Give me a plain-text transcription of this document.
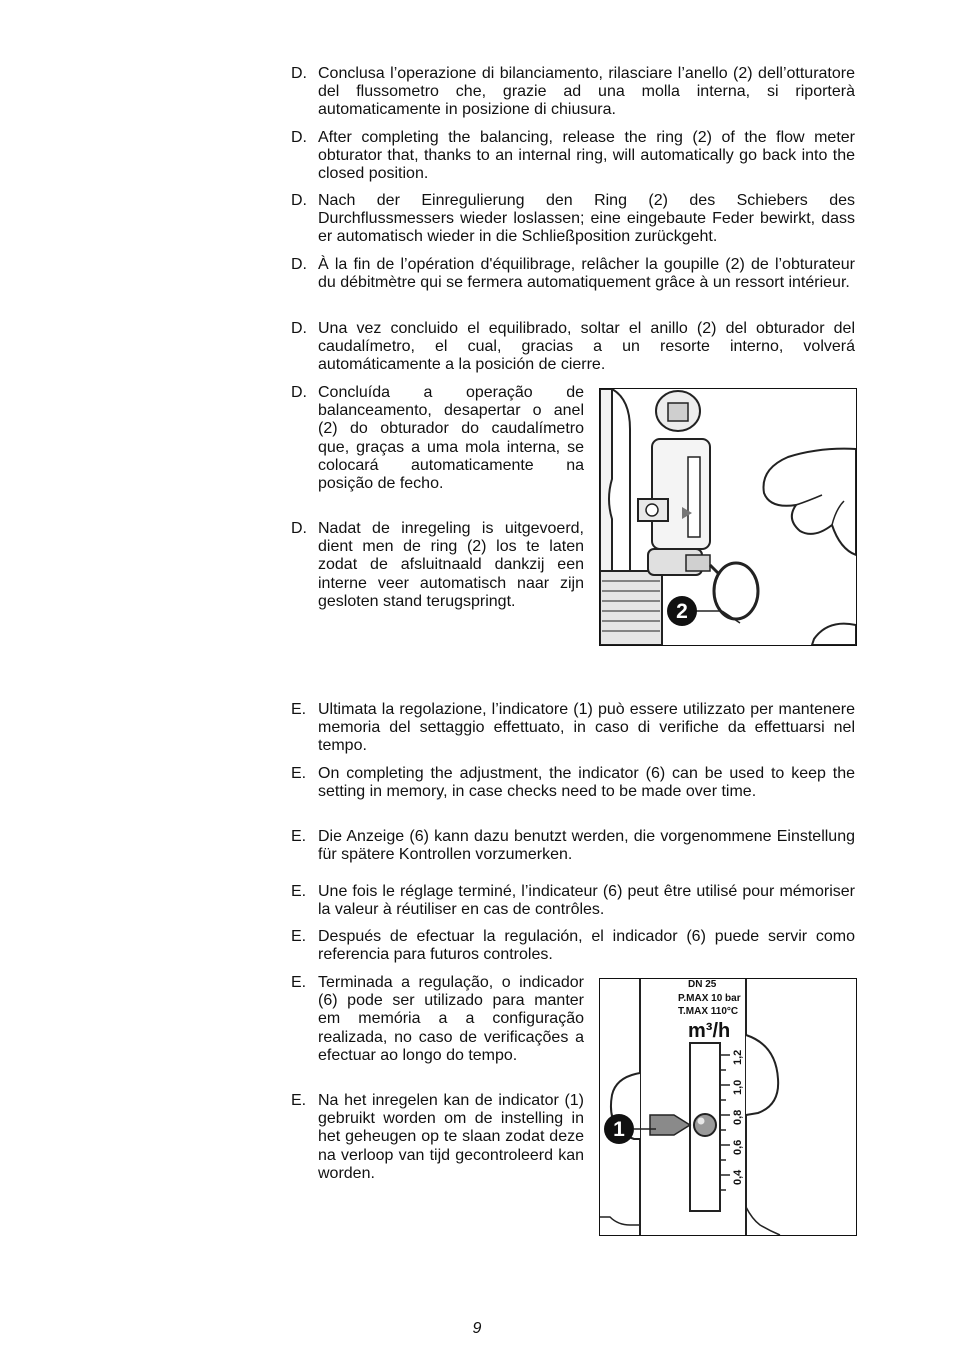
D. Conclusa l’operazione di bilanciamento, rilasciare l’anello (2) dell’otturatore del flussometro che, grazie ad una molla interna, si riporterà automaticamente in posizione di chiusura.
D. After completing the balancing, release the ring (2) of the flow meter obturator that, thanks to an internal ring, will automatically go back into the closed position.
D. Nach der Einregulierung den Ring (2) des Schiebers des Durchflussmessers wieder loslassen; eine eingebaute Feder bewirkt, dass er automatisch wieder in die Schließposition zurückgeht.
D. À la fin de l’opération d'équilibrage, relâcher la goupille (2) de l’obturateur du débitmètre qui se fermera automatiquement grâce à un ressort intérieur.
D. Una vez concluido el equilibrado, soltar el anillo (2) del obturador del caudalímetro, el cual, gracias a un resorte interno, volverá automáticamente a la posición de cierre.
D. Concluída a operação de balanceamento, desapertar o anel (2) do obturador do caudalímetro que, graças a uma mola interna, se colocará automaticamente na posição de fecho.
D. Nadat de inregeling is uitgevoerd, dient men de ring (2) los te laten zodat de afsluitnaald dankzij een interne veer automatisch naar zijn gesloten stand terugspringt.	2
E. Ultimata la regolazione, l’indicatore (1) può essere utilizzato per mantenere memoria del settaggio effettuato, in caso di verifiche da effettuarsi nel tempo.
E. On completing the adjustment, the indicator (6) can be used to keep the setting in memory, in case checks need to be made over time.
E. Die Anzeige (6) kann dazu benutzt werden, die vorgenommene Einstellung für spätere Kontrollen vorzumerken.
E. Une fois le réglage terminé, l’indicateur (6) peut être utilisé pour mémoriser la valeur à réutiliser en cas de contrôles.
E. Después de efectuar la regulación, el indicador (6) puede servir como referencia para futuros controles.
E. Terminada a regulação, o indicador (6) pode ser utilizado para manter em memória a a configuração realizada, no caso de verificações a efectuar ao longo do tempo.
E. Na het inregelen kan de indicator (1) gebruikt worden om de instelling in het geheugen op te slaan zodat deze na verloop van tijd gecontroleerd kan worden.
DN 25
P.MAX 10 bar
T.MAX 110°C
m³/h
1,2
1,0
0,8
0,6
0,4
1
9
